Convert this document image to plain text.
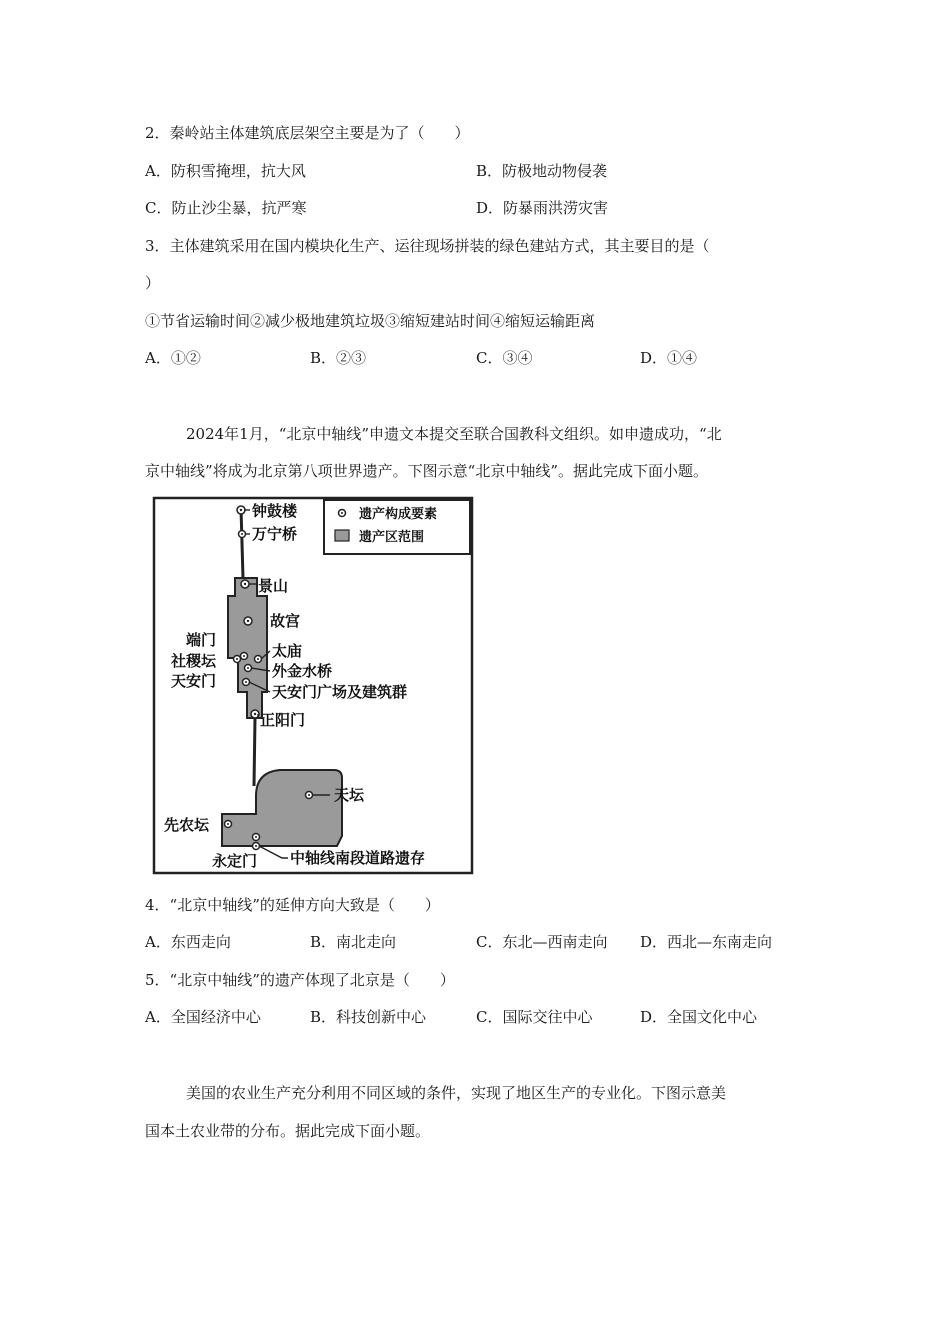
2．秦岭站主体建筑底层架空主要是为了（　　）
A．防积雪掩埋，抗大风	B．防极地动物侵袭
C．防止沙尘暴，抗严寒	D．防暴雨洪涝灾害
3．主体建筑采用在国内模块化生产、运往现场拼装的绿色建站方式，其主要目的是（
）
①节省运输时间②减少极地建筑垃圾③缩短建站时间④缩短运输距离
A．①②	B．②③	C．③④	D．①④
2024年1月，“北京中轴线”申遗文本提交至联合国教科文组织。如申遗成功，“北
京中轴线”将成为北京第八项世界遗产。下图示意“北京中轴线”。据此完成下面小题。
遗产构成要素
遗产区范围
钟鼓楼
万宁桥
景山
故宫
端门
太庙
社稷坛
外金水桥
天安门
天安门广场及建筑群
正阳门
天坛
先农坛
永定门 中轴线南段道路遗存
4．“北京中轴线”的延伸方向大致是（　　）
A．东西走向	B．南北走向	C．东北—西南走向 D．西北—东南走向
5．“北京中轴线”的遗产体现了北京是（　　）
A．全国经济中心	B．科技创新中心	C．国际交往中心	D．全国文化中心
美国的农业生产充分利用不同区域的条件，实现了地区生产的专业化。下图示意美
国本土农业带的分布。据此完成下面小题。
